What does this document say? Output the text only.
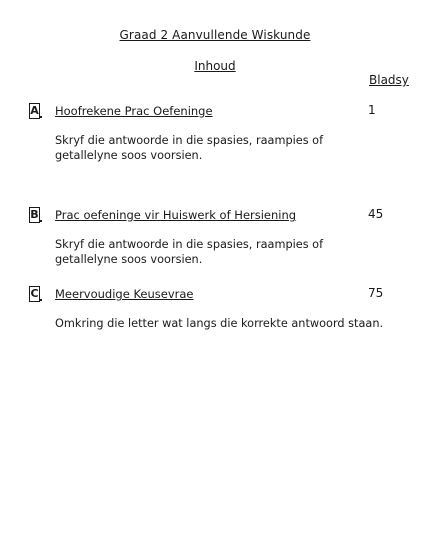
Graad 2 Aanvullende Wiskunde
Inhoud
Bladsy
A Hoofrekene Prac Oefeninge	1
Skryf die antwoorde in die spasies, raampies of getallelyne soos voorsien.
B Prac oefeninge vir Huiswerk of Hersiening	45
Skryf die antwoorde in die spasies, raampies of getallelyne soos voorsien.
C Meervoudige Keusevrae	75
Omkring die letter wat langs die korrekte antwoord staan.
